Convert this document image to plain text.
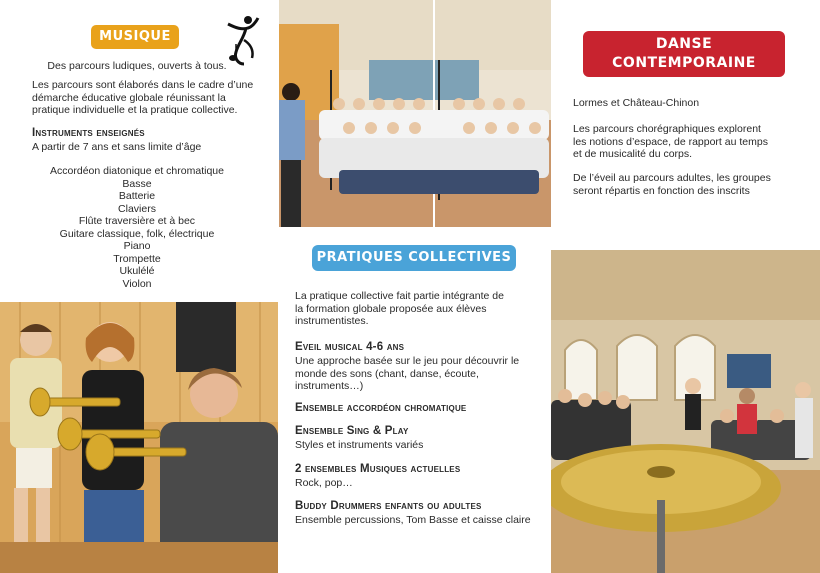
MUSIQUE
Des parcours ludiques, ouverts à tous.
Les parcours sont élaborés dans le cadre d’une
démarche éducative globale réunissant la
pratique individuelle et la pratique collective.
Instruments enseignés
A partir de 7 ans et sans limite d’âge
Accordéon diatonique et chromatique
Basse
Batterie
Claviers
Flûte traversière et à bec
Guitare classique, folk, électrique
Piano
Trompette
Ukulélé
Violon
PRATIQUES COLLECTIVES
La pratique collective fait partie intégrante de
la formation globale proposée aux élèves
instrumentistes.
Eveil musical 4-6 ans
Une approche basée sur le jeu pour découvrir le
monde des sons (chant, danse, écoute,
instruments…)
Ensemble accordéon chromatique
Ensemble Sing & Play
Styles et instruments variés
2 ensembles Musiques actuelles
Rock, pop…
Buddy Drummers enfants ou adultes
Ensemble percussions, Tom Basse et caisse claire
DANSE
CONTEMPORAINE
Lormes et Château-Chinon
Les parcours chorégraphiques explorent
les notions d’espace, de rapport au temps
et de musicalité du corps.
De l’éveil au parcours adultes, les groupes
seront répartis en fonction des inscrits
